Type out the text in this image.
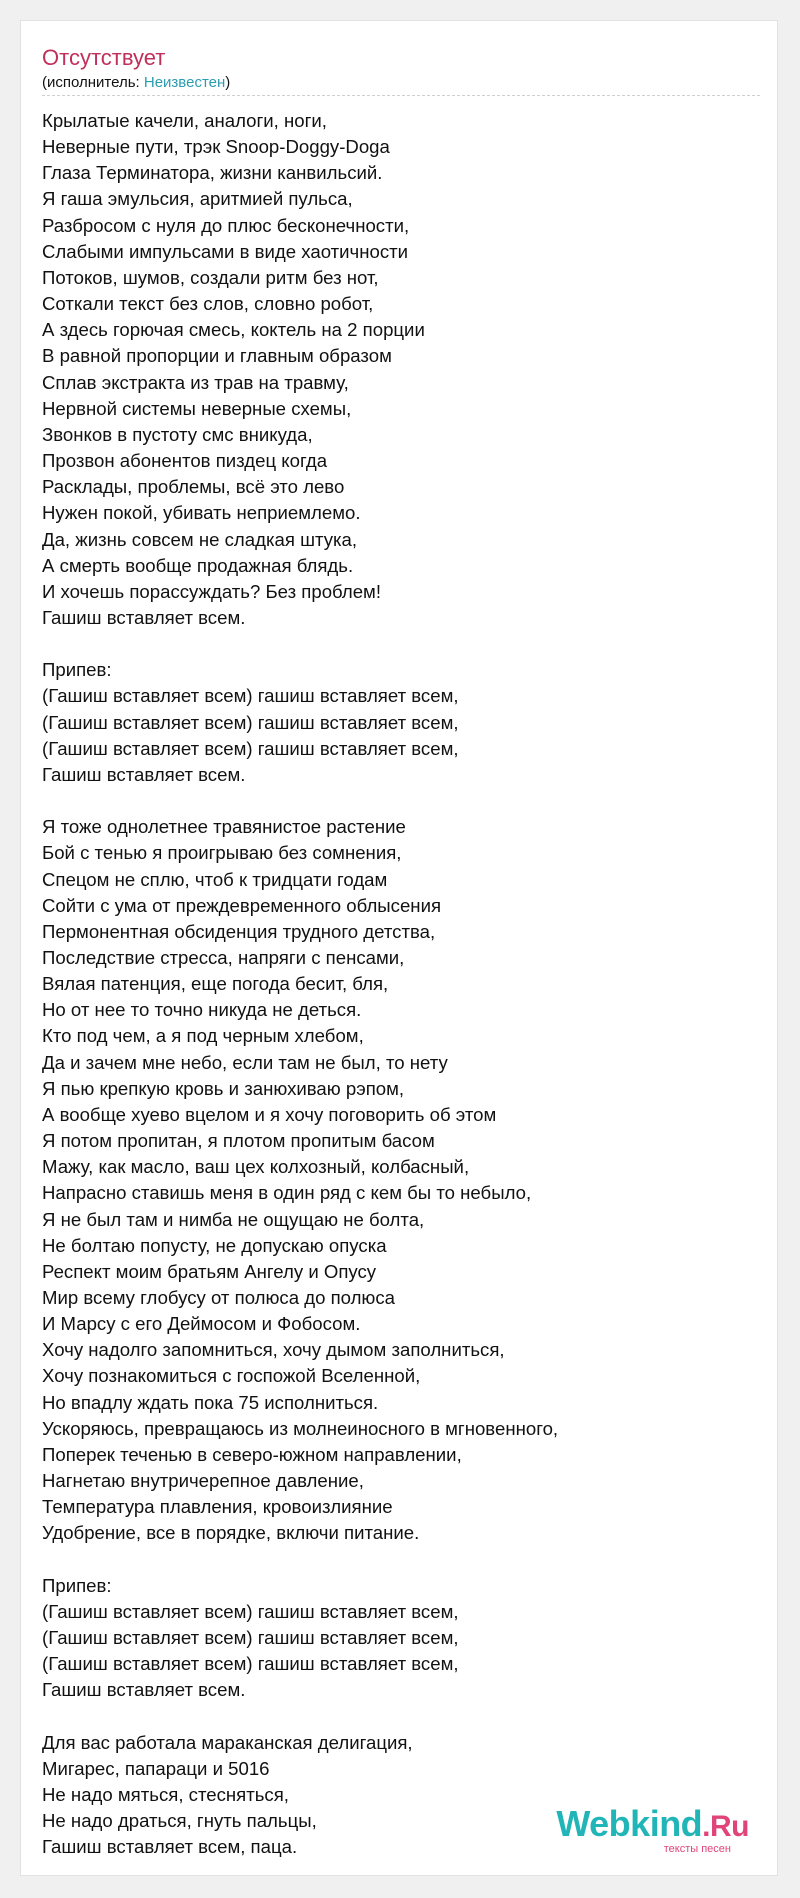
Отсутствует
(исполнитель: Неизвестен)
Крылатые качели, аналоги, ноги,
Неверные пути, трэк Snoop-Doggy-Doga
Глаза Терминатора, жизни канвильсий.
Я гаша эмульсия, аритмией пульса,
Разбросом с нуля до плюс бесконечности,
Слабыми импульсами в виде хаотичности
Потоков, шумов, создали ритм без нот,
Соткали текст без слов, словно робот,
А здесь горючая смесь, коктель на 2 порции
В равной пропорции и главным образом
Сплав экстракта из трав на травму,
Нервной системы неверные схемы,
Звонков в пустоту смс вникуда,
Прозвон абонентов пиздец когда
Расклады, проблемы, всё это лево
Нужен покой, убивать неприемлемо.
Да, жизнь совсем не сладкая штука,
А смерть вообще продажная блядь.
И хочешь порассуждать? Без проблем!
Гашиш вставляет всем.
Припев:
(Гашиш вставляет всем) гашиш вставляет всем,
(Гашиш вставляет всем) гашиш вставляет всем,
(Гашиш вставляет всем) гашиш вставляет всем,
Гашиш вставляет всем.
Я тоже однолетнее травянистое растение
Бой с тенью я проигрываю без сомнения,
Спецом не сплю, чтоб к тридцати годам
Сойти с ума от преждевременного облысения
Пермонентная обсиденция трудного детства,
Последствие стресса, напряги с пенсами,
Вялая патенция, еще погода бесит, бля,
Но от нее то точно никуда не деться.
Кто под чем, а я под черным хлебом,
Да и зачем мне небо, если там не был, то нету
Я пью крепкую кровь и занюхиваю рэпом,
А вообще хуево вцелом и я хочу поговорить об этом
Я потом пропитан, я плотом пропитым басом
Мажу, как масло, ваш цех колхозный, колбасный,
Напрасно ставишь меня в один ряд с кем бы то небыло,
Я не был там и нимба не ощущаю не болта,
Не болтаю попусту, не допускаю опуска
Респект моим братьям Ангелу и Опусу
Мир всему глобусу от полюса до полюса
И Марсу с его Деймосом и Фобосом.
Хочу надолго запомниться, хочу дымом заполниться,
Хочу познакомиться с госпожой Вселенной,
Но впадлу ждать пока 75 исполниться.
Ускоряюсь, превращаюсь из молнеиносного в мгновенного,
Поперек теченью в северо-южном направлении,
Нагнетаю внутричерепное давление,
Температура плавления, кровоизлияние
Удобрение, все в порядке, включи питание.
Припев:
(Гашиш вставляет всем) гашиш вставляет всем,
(Гашиш вставляет всем) гашиш вставляет всем,
(Гашиш вставляет всем) гашиш вставляет всем,
Гашиш вставляет всем.
Для вас работала мараканская делигация,
Мигарес, папараци и 5016
Не надо мяться, стесняться,
Не надо драться, гнуть пальцы,
Гашиш вставляет всем, паца.
Webkind.Ru
тексты песен
